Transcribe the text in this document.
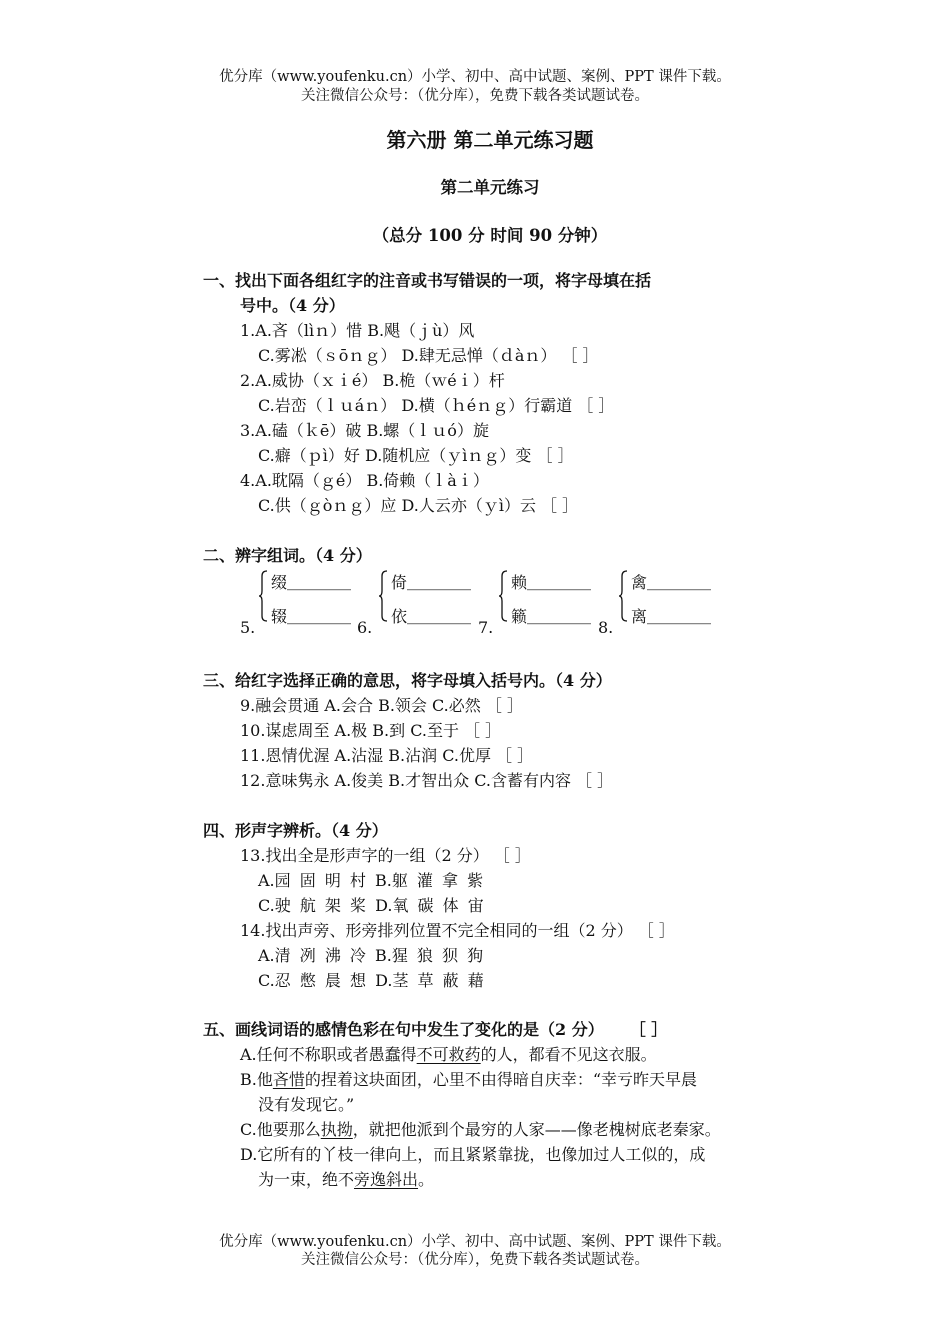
优分库（www.youfenku.cn）小学、初中、高中试题、案例、PPT 课件下载。
关注微信公众号：（优分库），免费下载各类试题试卷。
第六册 第二单元练习题
第二单元练习
（总分 100 分 时间 90 分钟）
一、找出下面各组红字的注音或书写错误的一项，将字母填在括
号中。（4 分）
1.A.吝（lìｎ）惜 B.飓（ｊù）风
C.雾凇（ｓōｎｇ） D.肆无忌惮（ｄàｎ） ［ ］
2.A.威协（ｘｉé） B.桅（ｗéｉ）杆
C.岩峦（ｌｕáｎ） D.横（ｈéｎｇ）行霸道 ［ ］
3.A.磕（ｋē）破 B.螺（ｌｕó）旋
C.癖（ｐì）好 D.随机应（ｙìｎｇ）变 ［ ］
4.A.耽隔（ｇé） B.倚赖（ｌàｉ）
C.供（ｇòｎｇ）应 D.人云亦（ｙì）云 ［ ］
二、辨字组词。（4 分）
5.
缀＿＿＿＿
辍＿＿＿＿
6.
倚＿＿＿＿
依＿＿＿＿
7.
赖＿＿＿＿
籁＿＿＿＿
8.
禽＿＿＿＿
离＿＿＿＿
三、给红字选择正确的意思，将字母填入括号内。（4 分）
9.融会贯通 A.会合 B.领会 C.必然 ［ ］
10.谋虑周至 A.极 B.到 C.至于 ［ ］
11.恩情优渥 A.沾湿 B.沾润 C.优厚 ［ ］
12.意味隽永 A.俊美 B.才智出众 C.含蓄有内容 ［ ］
四、形声字辨析。（4 分）
13.找出全是形声字的一组（2 分） ［ ］
A.园 固 明 村 B.躯 灌 拿 紫
C.驶 航 架 桨 D.氧 碳 体 宙
14.找出声旁、形旁排列位置不完全相同的一组（2 分） ［ ］
A.清 冽 沸 冷 B.猩 狼 狈 狗
C.忍 憋 晨 想 D.茎 草 蔽 藉
五、画线词语的感情色彩在句中发生了变化的是（2 分） ［ ］
A.任何不称职或者愚蠢得不可救药的人，都看不见这衣服。
B.他吝惜的捏着这块面团，心里不由得暗自庆幸：“幸亏昨天早晨
没有发现它。”
C.他要那么执拗，就把他派到个最穷的人家——像老槐树底老秦家。
D.它所有的丫枝一律向上，而且紧紧靠拢，也像加过人工似的，成
为一束，绝不旁逸斜出。
优分库（www.youfenku.cn）小学、初中、高中试题、案例、PPT 课件下载。
关注微信公众号：（优分库），免费下载各类试题试卷。
